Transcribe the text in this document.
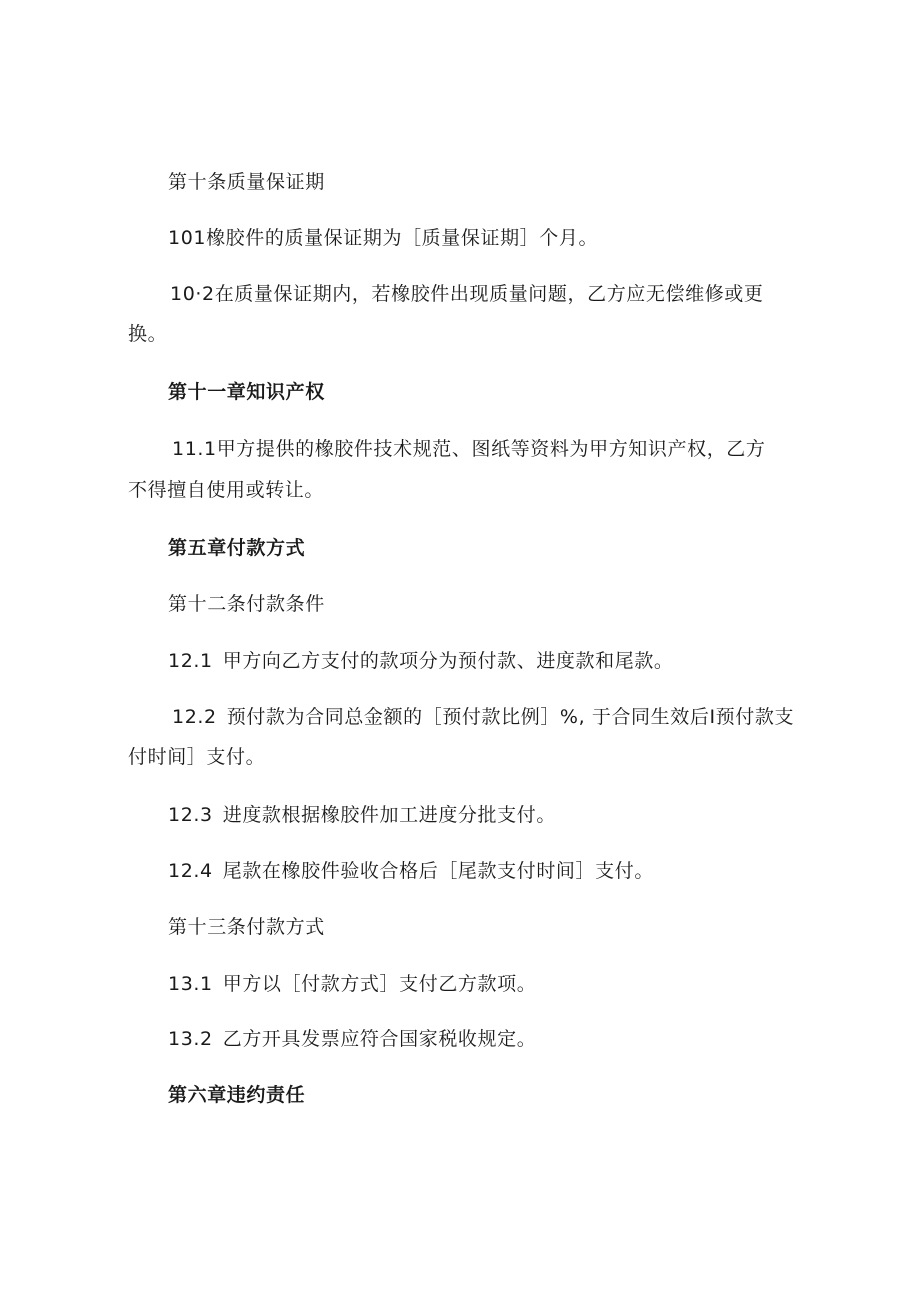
第十条质量保证期
101橡胶件的质量保证期为［质量保证期］个月。
10·2在质量保证期内，若橡胶件出现质量问题，乙方应无偿维修或更
换。
第十一章知识产权
11.1甲方提供的橡胶件技术规范、图纸等资料为甲方知识产权，乙方
不得擅自使用或转让。
第五章付款方式
第十二条付款条件
12.1 甲方向乙方支付的款项分为预付款、进度款和尾款。
12.2 预付款为合同总金额的［预付款比例］%, 于合同生效后I预付款支
付时间］支付。
12.3 进度款根据橡胶件加工进度分批支付。
12.4 尾款在橡胶件验收合格后［尾款支付时间］支付。
第十三条付款方式
13.1 甲方以［付款方式］支付乙方款项。
13.2 乙方开具发票应符合国家税收规定。
第六章违约责任
